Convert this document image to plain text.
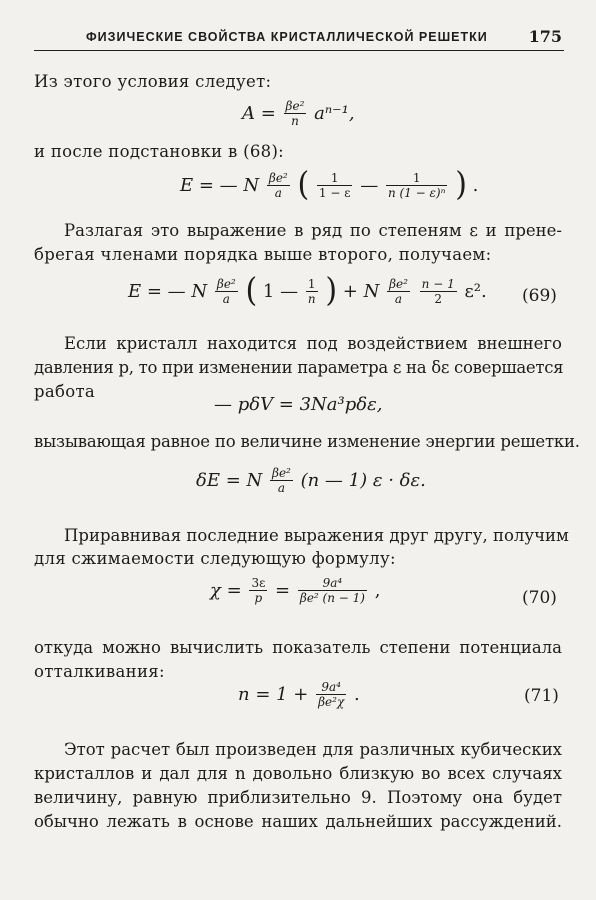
ФИЗИЧЕСКИЕ СВОЙСТВА КРИСТАЛЛИЧЕСКОЙ РЕШЕТКИ	175
Из этого условия следует:
$A = \frac{\text{βe²}}{n} a^{n-1}$,
и после подстановки в (68):
E = — N $\frac{\text{βe²}}{a}$ ( $\frac{1}{1 - \varepsilon}$ — $\frac{1}{\text{n (1 − ε)ⁿ}}$ ) .
Разлагая это выражение в ряд по степеням ε и прене-
брегая членами порядка выше второго, получаем:
E = — N $\frac{\text{βe²}}{a}$ ( 1 — $\frac{1}{n}$ ) + N $\frac{\text{βe²}}{a}$
$\frac{n - 1}{2} \varepsilon^2$. (69)
Если кристалл находится под воздействием внешнего
давления p, то при изменении параметра ε на δε совершается
работа
— pδV = 3Na³pδε,
вызывающая равное по величине изменение энергии решетки.
δE = N $\frac{\text{βe²}}{a} (n$ — 1) ε · δε.
Приравнивая последние выражения друг другу, получим
для сжимаемости следующую формулу:
$\chi = \frac{3\varepsilon}{p} = \frac{\text{9a⁴}}{\text{βe² (n − 1)}}$ ,	(70)
откуда можно вычислить показатель степени потенциала
отталкивания:
$n = 1 + \frac{\text{9a⁴}}{\text{βe²χ}}$ .	(71)
Этот расчет был произведен для различных кубических
кристаллов и дал для n довольно близкую во всех случаях
величину, равную приблизительно 9. Поэтому она будет
обычно лежать в основе наших дальнейших рассуждений.
